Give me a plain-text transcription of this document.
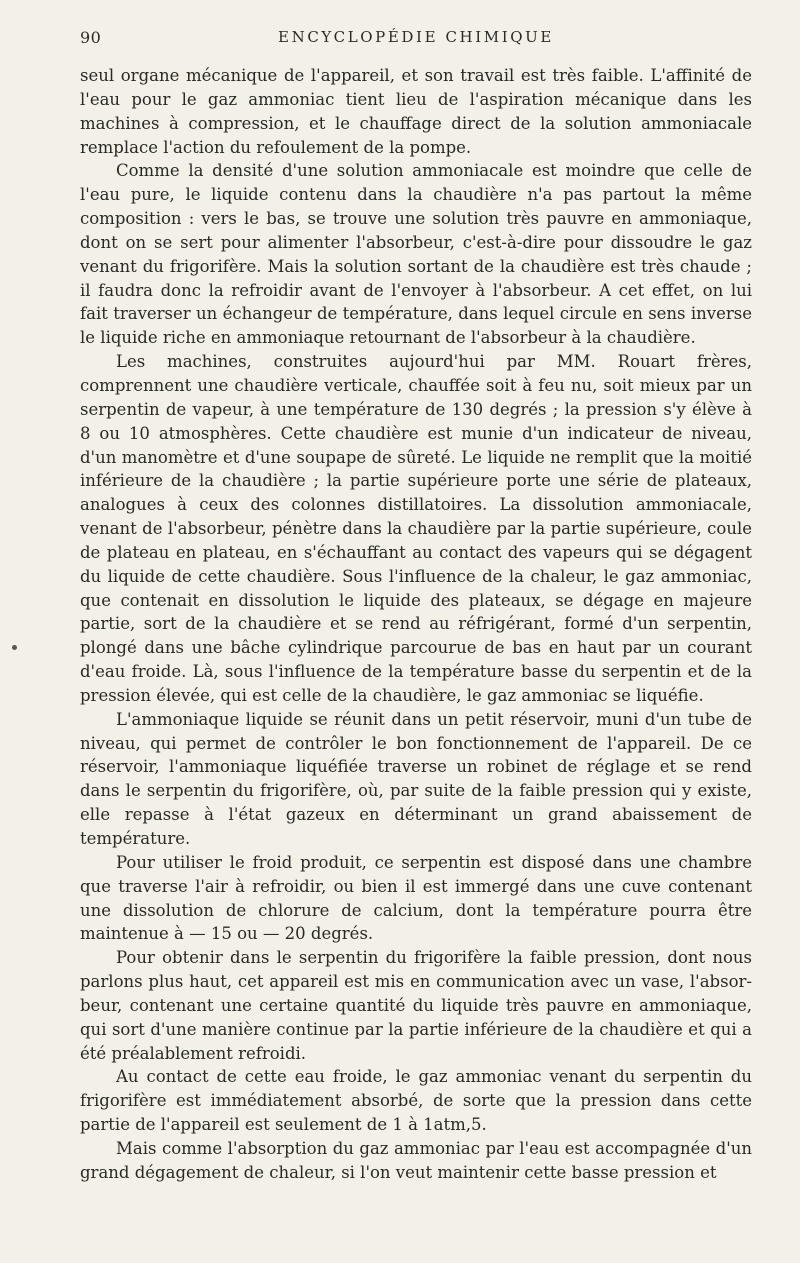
90	ENCYCLOPÉDIE CHIMIQUE

seul organe mécanique de l'appareil, et son travail est très faible. L'affinité de l'eau pour le gaz ammoniac tient lieu de l'aspiration mécanique dans les machines à compression, et le chauffage direct de la solution ammoniacale remplace l'action du refoulement de la pompe.

Comme la densité d'une solution ammoniacale est moindre que celle de l'eau pure, le liquide contenu dans la chaudière n'a pas partout la même composition : vers le bas, se trouve une solution très pauvre en ammoniaque, dont on se sert pour alimenter l'absorbeur, c'est-à-dire pour dissoudre le gaz venant du frigorifère. Mais la solution sortant de la chaudière est très chaude ; il faudra donc la refroidir avant de l'envoyer à l'absorbeur. A cet effet, on lui fait traverser un échangeur de température, dans lequel circule en sens inverse le liquide riche en ammoniaque retournant de l'absorbeur à la chaudière.

Les machines, construites aujourd'hui par MM. Rouart frères, comprennent une chaudière verticale, chauffée soit à feu nu, soit mieux par un serpentin de vapeur, à une température de 130 degrés ; la pression s'y élève à 8 ou 10 atmosphères. Cette chaudière est munie d'un indicateur de niveau, d'un manomètre et d'une soupape de sûreté. Le liquide ne remplit que la moitié inférieure de la chaudière ; la partie supérieure porte une série de plateaux, analogues à ceux des colonnes distillatoires. La dissolution ammoniacale, venant de l'absorbeur, pénètre dans la chaudière par la partie supérieure, coule de plateau en plateau, en s'échauffant au contact des vapeurs qui se dégagent du liquide de cette chaudière. Sous l'influence de la chaleur, le gaz ammoniac, que contenait en dissolution le liquide des plateaux, se dégage en majeure partie, sort de la chaudière et se rend au réfrigérant, formé d'un serpentin, plongé dans une bâche cylindrique parcourue de bas en haut par un courant d'eau froide. Là, sous l'influence de la température basse du serpentin et de la pression élevée, qui est celle de la chaudière, le gaz ammoniac se liquéfie.

L'ammoniaque liquide se réunit dans un petit réservoir, muni d'un tube de niveau, qui permet de contrôler le bon fonctionnement de l'appareil. De ce réservoir, l'ammoniaque liquéfiée traverse un robinet de réglage et se rend dans le serpentin du frigorifère, où, par suite de la faible pression qui y existe, elle repasse à l'état gazeux en déterminant un grand abaissement de température.

Pour utiliser le froid produit, ce serpentin est disposé dans une chambre que traverse l'air à refroidir, ou bien il est immergé dans une cuve contenant une dissolution de chlorure de calcium, dont la température pourra être maintenue à — 15 ou — 20 degrés.

Pour obtenir dans le serpentin du frigorifère la faible pression, dont nous parlons plus haut, cet appareil est mis en communication avec un vase, l'absorbeur, contenant une certaine quantité du liquide très pauvre en ammoniaque, qui sort d'une manière continue par la partie inférieure de la chaudière et qui a été préalablement refroidi.

Au contact de cette eau froide, le gaz ammoniac venant du serpentin du frigorifère est immédiatement absorbé, de sorte que la pression dans cette partie de l'appareil est seulement de 1 à 1atm,5.

Mais comme l'absorption du gaz ammoniac par l'eau est accompagnée d'un grand dégagement de chaleur, si l'on veut maintenir cette basse pression et
